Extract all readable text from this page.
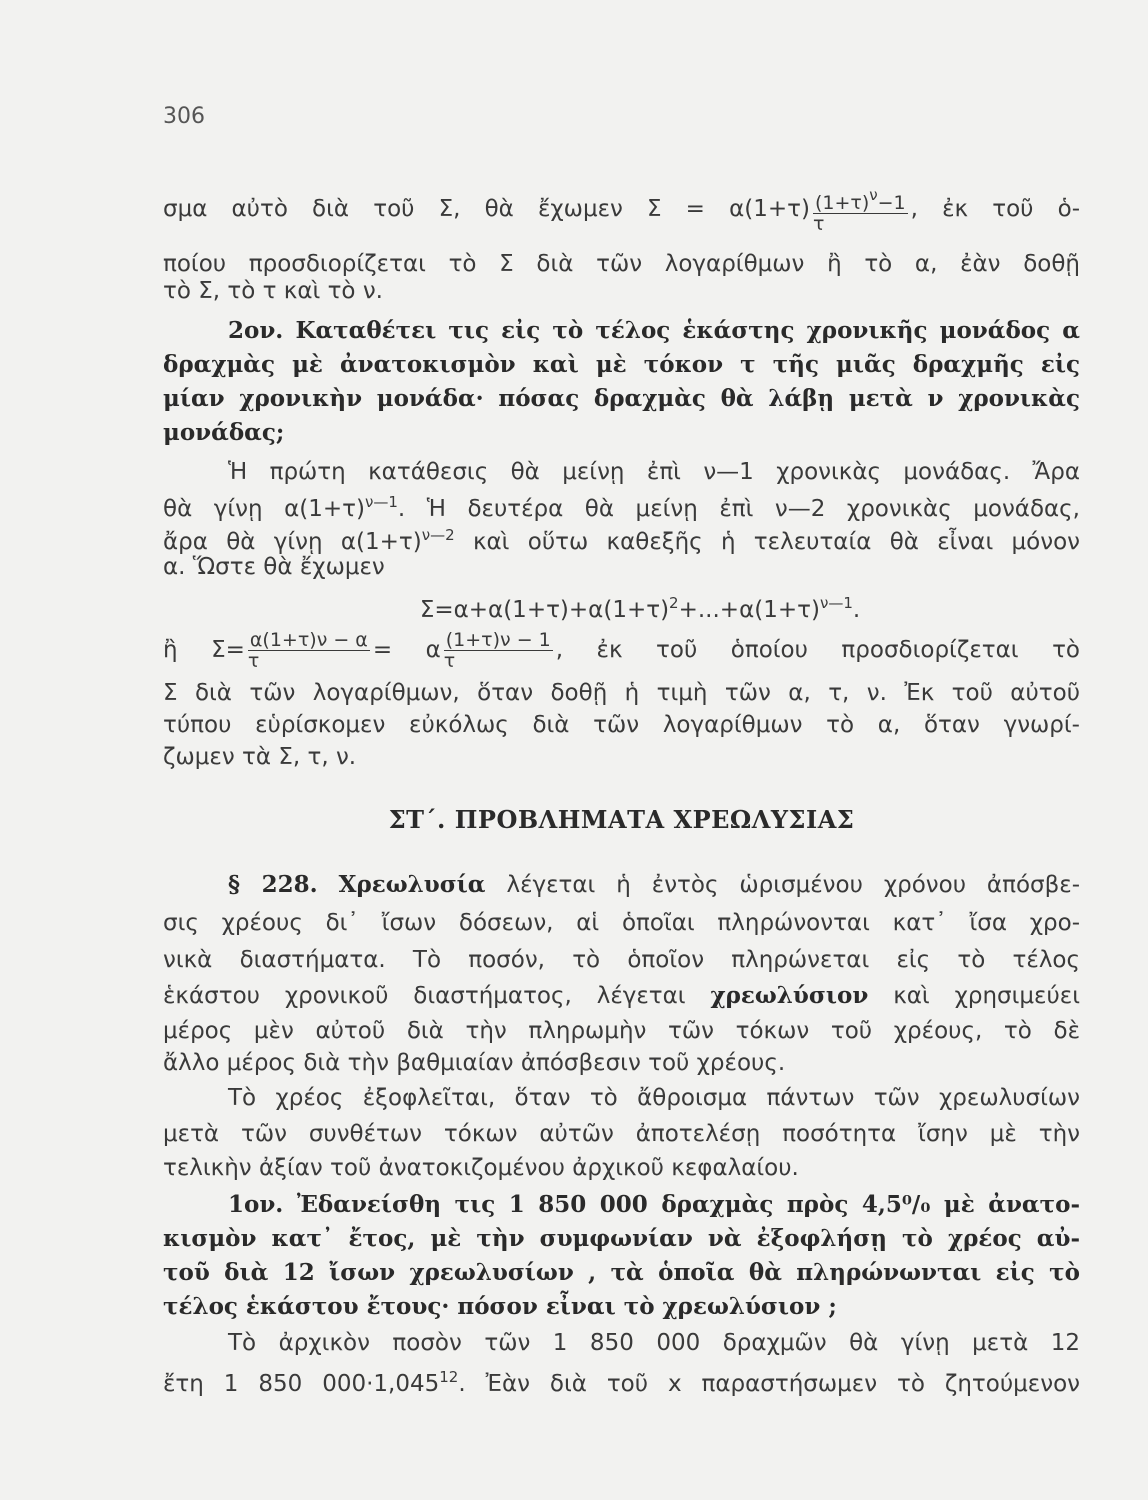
306
σμα αὐτὸ διὰ τοῦ Σ, θὰ ἔχωμεν $\Sigma = \alpha(1+\tau) \frac{(1+\tau)^\nu-1}{\tau}$ , ἐκ τοῦ ὁ-
ποίου προσδιορίζεται τὸ Σ διὰ τῶν λογαρίθμων ἢ τὸ α, ἐὰν δοθῇ
τὸ Σ, τὸ τ καὶ τὸ ν.
2ον. Καταθέτει τις εἰς τὸ τέλος ἑκάστης χρονικῆς μονάδος α
δραχμὰς μὲ ἀνατοκισμὸν καὶ μὲ τόκον τ τῆς μιᾶς δραχμῆς εἰς
μίαν χρονικὴν μονάδα· πόσας δραχμὰς θὰ λάβῃ μετὰ ν χρονικὰς
μονάδας;
Ἡ πρώτη κατάθεσις θὰ μείνῃ ἐπὶ ν—1 χρονικὰς μονάδας. Ἄρα
θὰ γίνῃ $\alpha(1+\tau)^{\nu—1}$. Ἡ δευτέρα θὰ μείνῃ ἐπὶ ν—2 χρονικὰς μονάδας,
ἄρα θὰ γίνῃ $\alpha(1+\tau)^{\nu—2}$ καὶ οὕτω καθεξῆς ἡ τελευταία θὰ εἶναι μόνον
α. Ὥστε θὰ ἔχωμεν
$\Sigma=\alpha+\alpha(1+\tau)+\alpha(1+\tau)^2+...+\alpha(1+\tau)^{\nu—1}$.
ἢ $\Sigma= \frac{\alpha(1+\tau)\nu - \alpha}{\tau} = \alpha \frac{(1+\tau)\nu - 1}{\tau}$ , ἐκ τοῦ ὁποίου προσδιορίζεται τὸ
Σ διὰ τῶν λογαρίθμων, ὅταν δοθῇ ἡ τιμὴ τῶν α, τ, ν. Ἐκ τοῦ αὐτοῦ
τύπου εὑρίσκομεν εὐκόλως διὰ τῶν λογαρίθμων τὸ α, ὅταν γνωρί-
ζωμεν τὰ Σ, τ, ν.
ΣΤ΄. ΠΡΟΒΛΗΜΑΤΑ ΧΡΕΩΛΥΣΙΑΣ
§ 228. Χρεωλυσία λέγεται ἡ ἐντὸς ὡρισμένου χρόνου ἀπόσβε-
σις χρέους δι᾽ ἴσων δόσεων, αἱ ὁποῖαι πληρώνονται κατ᾽ ἴσα χρο-
νικὰ διαστήματα. Τὸ ποσόν, τὸ ὁποῖον πληρώνεται εἰς τὸ τέλος
ἑκάστου χρονικοῦ διαστήματος, λέγεται χρεωλύσιον καὶ χρησιμεύει
μέρος μὲν αὐτοῦ διὰ τὴν πληρωμὴν τῶν τόκων τοῦ χρέους, τὸ δὲ
ἄλλο μέρος διὰ τὴν βαθμιαίαν ἀπόσβεσιν τοῦ χρέους.
Τὸ χρέος ἐξοφλεῖται, ὅταν τὸ ἄθροισμα πάντων τῶν χρεωλυσίων
μετὰ τῶν συνθέτων τόκων αὐτῶν ἀποτελέσῃ ποσότητα ἴσην μὲ τὴν
τελικὴν ἀξίαν τοῦ ἀνατοκιζομένου ἀρχικοῦ κεφαλαίου.
1ον. Ἐδανείσθη τις 1 850 000 δραχμὰς πρὸς 4,5⁰/₀ μὲ ἀνατο-
κισμὸν κατ᾽ ἔτος, μὲ τὴν συμφωνίαν νὰ ἐξοφλήσῃ τὸ χρέος αὐ-
τοῦ διὰ 12 ἴσων χρεωλυσίων , τὰ ὁποῖα θὰ πληρώνωνται εἰς τὸ
τέλος ἑκάστου ἔτους· πόσον εἶναι τὸ χρεωλύσιον ;
Τὸ ἀρχικὸν ποσὸν τῶν 1 850 000 δραχμῶν θὰ γίνῃ μετὰ 12
ἔτη 1 850 $000\cdot 1,045^{12}$. Ἐὰν διὰ τοῦ x παραστήσωμεν τὸ ζητούμενον
